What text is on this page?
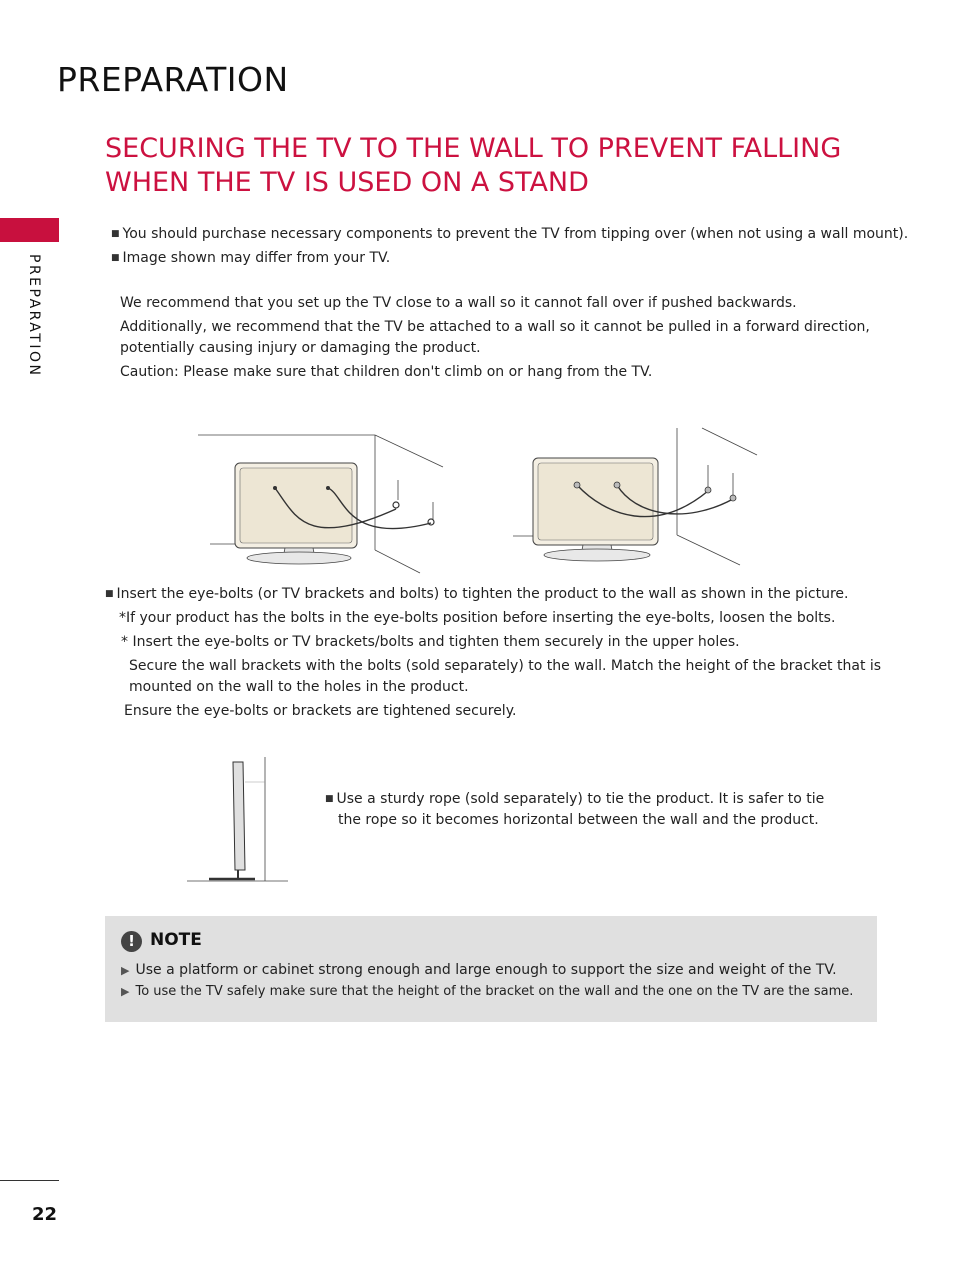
PREPARATION
PREPARATION
SECURING THE TV TO THE WALL TO PREVENT FALLING
WHEN THE TV IS USED ON A STAND
■ You should purchase necessary components to prevent the TV from tipping over (when not using a wall mount).
■ Image shown may differ from your TV.
We recommend that you set up the TV close to a wall so it cannot fall over if pushed backwards.
Additionally, we recommend that the TV be attached to a wall so it cannot be pulled in a forward direction,
potentially causing injury or damaging the product.
Caution: Please make sure that children don't climb on or hang from the TV.
■ Insert the eye-bolts (or TV brackets and bolts) to tighten the product to the wall as shown in the picture.
*If your product has the bolts in the eye-bolts position before inserting the eye-bolts, loosen the bolts.
* Insert the eye-bolts or TV brackets/bolts and tighten them securely in the upper holes.
Secure the wall brackets with the bolts (sold separately) to the wall. Match the height of the bracket that is
mounted on the wall to the holes in the product.
Ensure the eye-bolts or brackets are tightened securely.
■ Use a sturdy rope (sold separately) to tie the product. It is safer to tie
the rope so it becomes horizontal between the wall and the product.
! NOTE
▶ Use a platform or cabinet strong enough and large enough to support the size and weight of the TV.
▶ To use the TV safely make sure that the height of the bracket on the wall and the one on the TV are the same.
22
